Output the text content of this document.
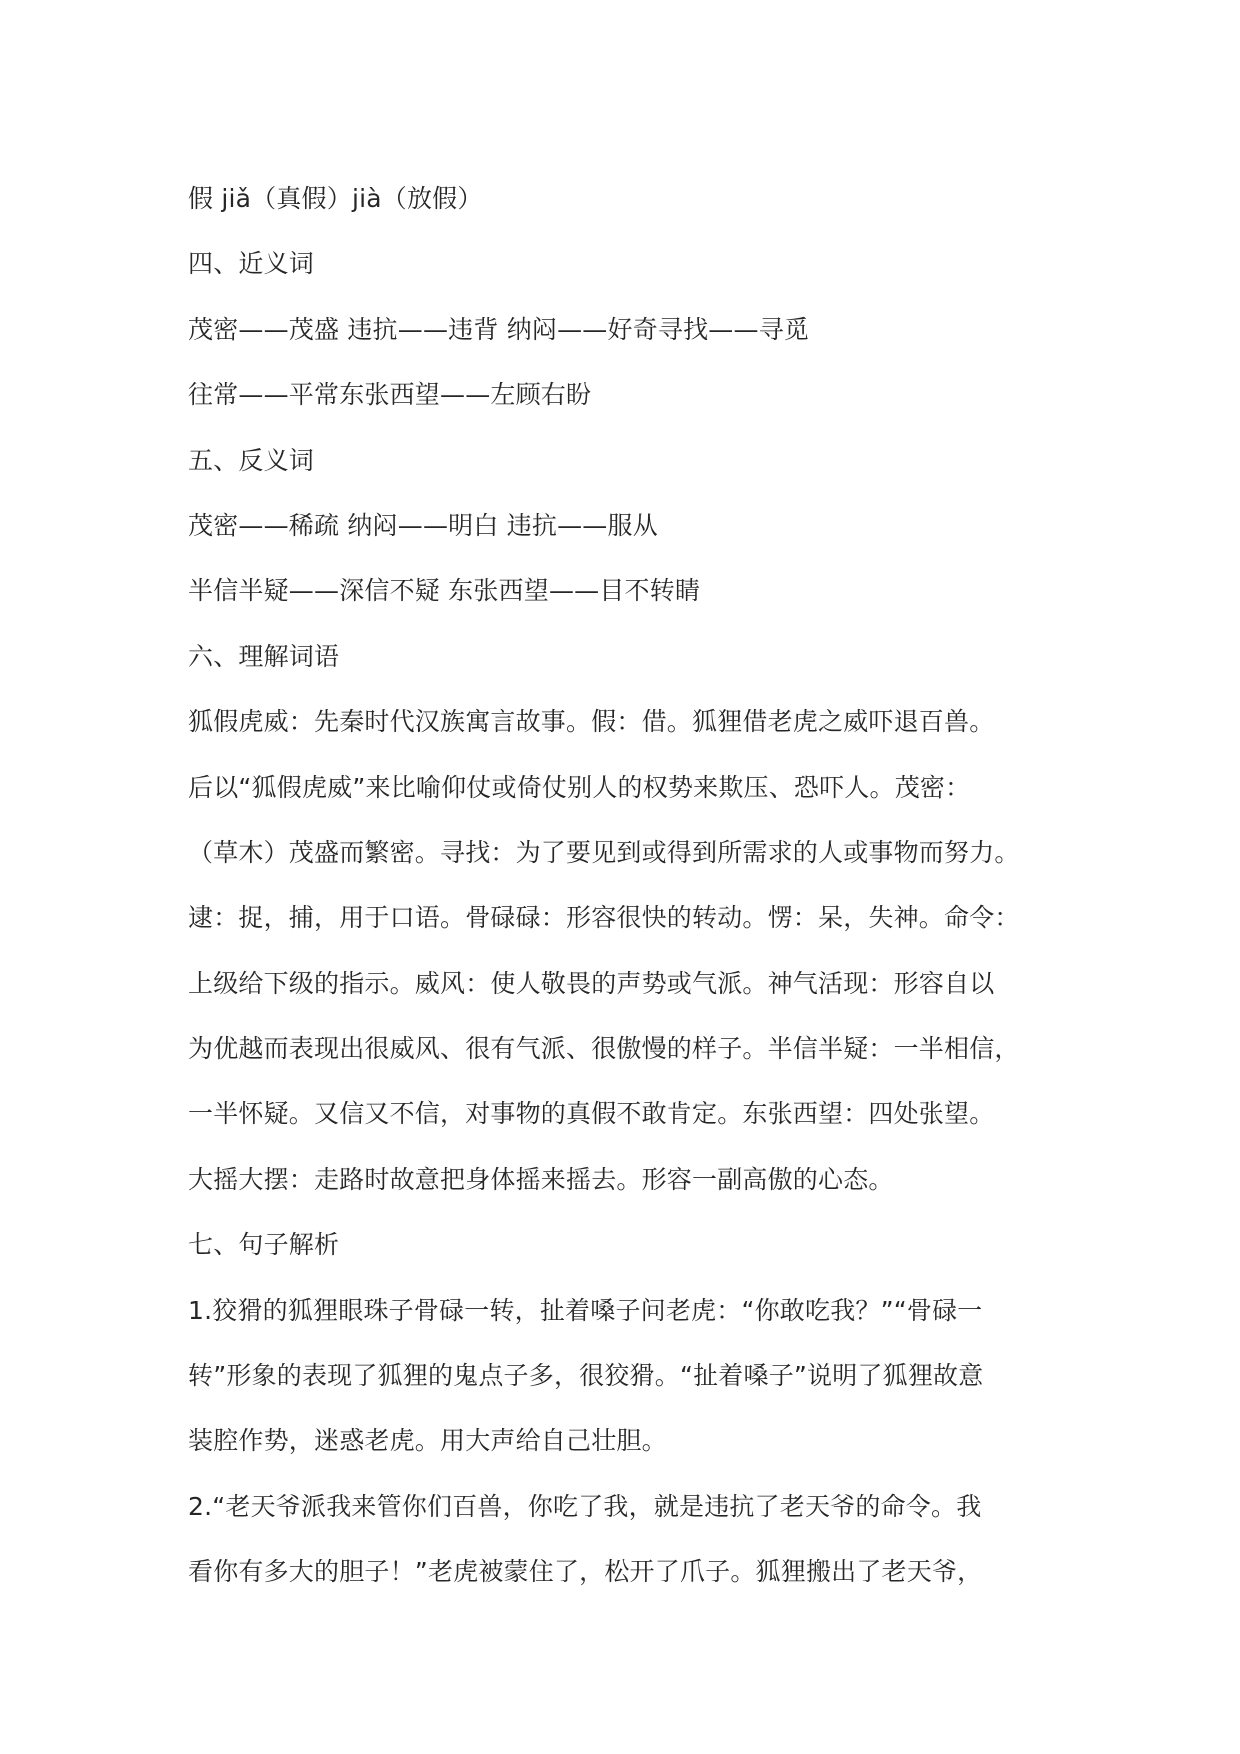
假 jiǎ（真假）jià（放假）
四、近义词
茂密——茂盛 违抗——违背 纳闷——好奇寻找——寻觅
往常——平常东张西望——左顾右盼
五、反义词
茂密——稀疏 纳闷——明白 违抗——服从
半信半疑——深信不疑 东张西望——目不转睛
六、理解词语
狐假虎威：先秦时代汉族寓言故事。假：借。狐狸借老虎之威吓退百兽。
后以“狐假虎威”来比喻仰仗或倚仗别人的权势来欺压、恐吓人。茂密：
（草木）茂盛而繁密。寻找：为了要见到或得到所需求的人或事物而努力。
逮：捉，捕，用于口语。骨碌碌：形容很快的转动。愣：呆，失神。命令：
上级给下级的指示。威风：使人敬畏的声势或气派。神气活现：形容自以
为优越而表现出很威风、很有气派、很傲慢的样子。半信半疑：一半相信，
一半怀疑。又信又不信，对事物的真假不敢肯定。东张西望：四处张望。
大摇大摆：走路时故意把身体摇来摇去。形容一副高傲的心态。
七、句子解析
1.狡猾的狐狸眼珠子骨碌一转，扯着嗓子问老虎：“你敢吃我？”“骨碌一
转”形象的表现了狐狸的鬼点子多，很狡猾。“扯着嗓子”说明了狐狸故意
装腔作势，迷惑老虎。用大声给自己壮胆。
2.“老天爷派我来管你们百兽，你吃了我，就是违抗了老天爷的命令。我
看你有多大的胆子！”老虎被蒙住了，松开了爪子。狐狸搬出了老天爷，
